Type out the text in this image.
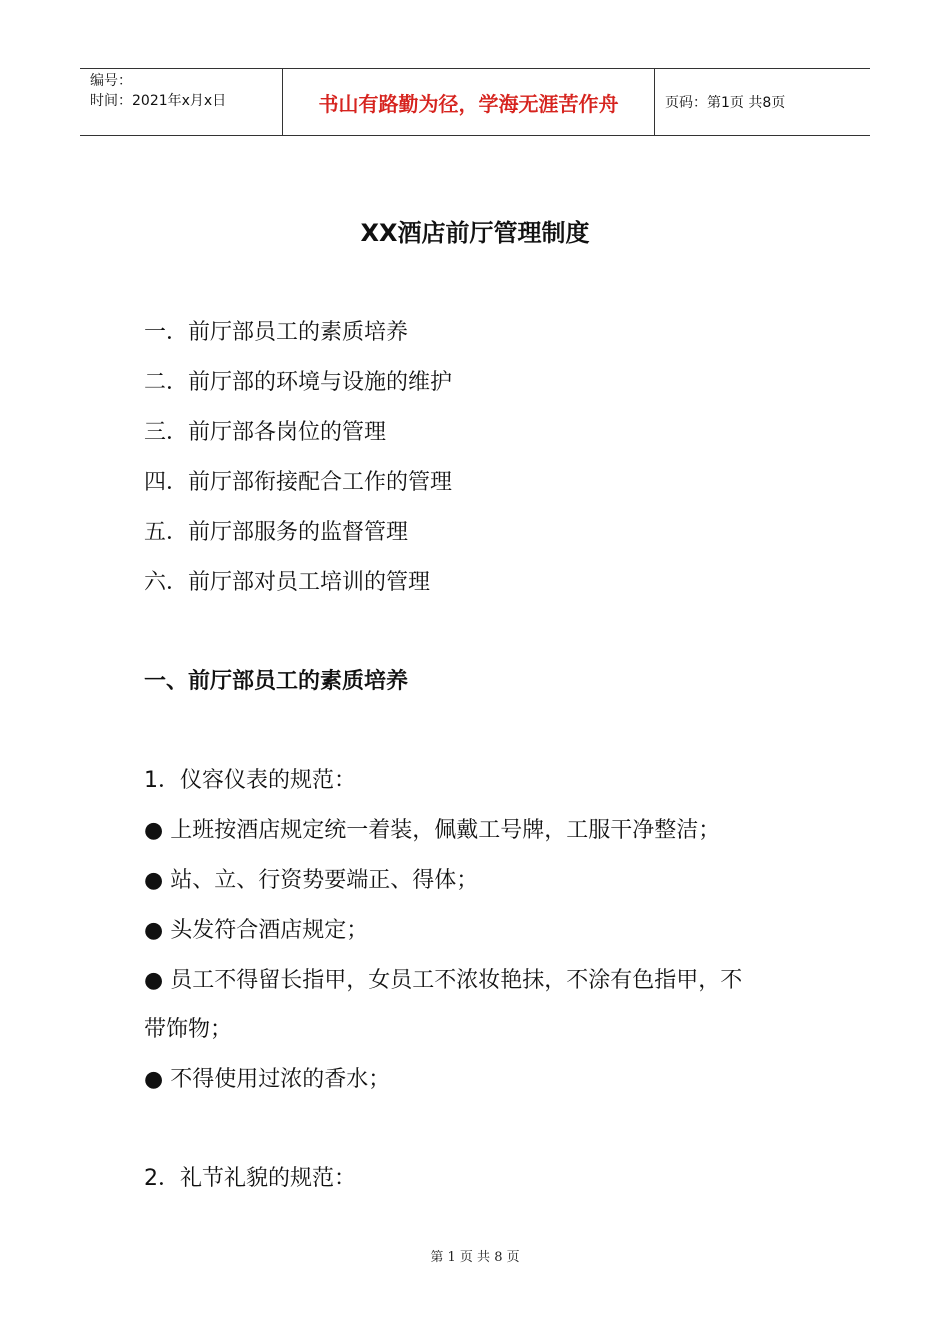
编号：
时间：2021年x月x日	书山有路勤为径，学海无涯苦作舟	页码：第1页 共8页
XX酒店前厅管理制度
一．前厅部员工的素质培养
二．前厅部的环境与设施的维护
三．前厅部各岗位的管理
四．前厅部衔接配合工作的管理
五．前厅部服务的监督管理
六．前厅部对员工培训的管理
一、前厅部员工的素质培养
1．仪容仪表的规范：
● 上班按酒店规定统一着装，佩戴工号牌，工服干净整洁；
● 站、立、行资势要端正、得体；
● 头发符合酒店规定；
● 员工不得留长指甲，女员工不浓妆艳抹，不涂有色指甲，不
带饰物；
● 不得使用过浓的香水；
2．礼节礼貌的规范：
第 1 页 共 8 页
